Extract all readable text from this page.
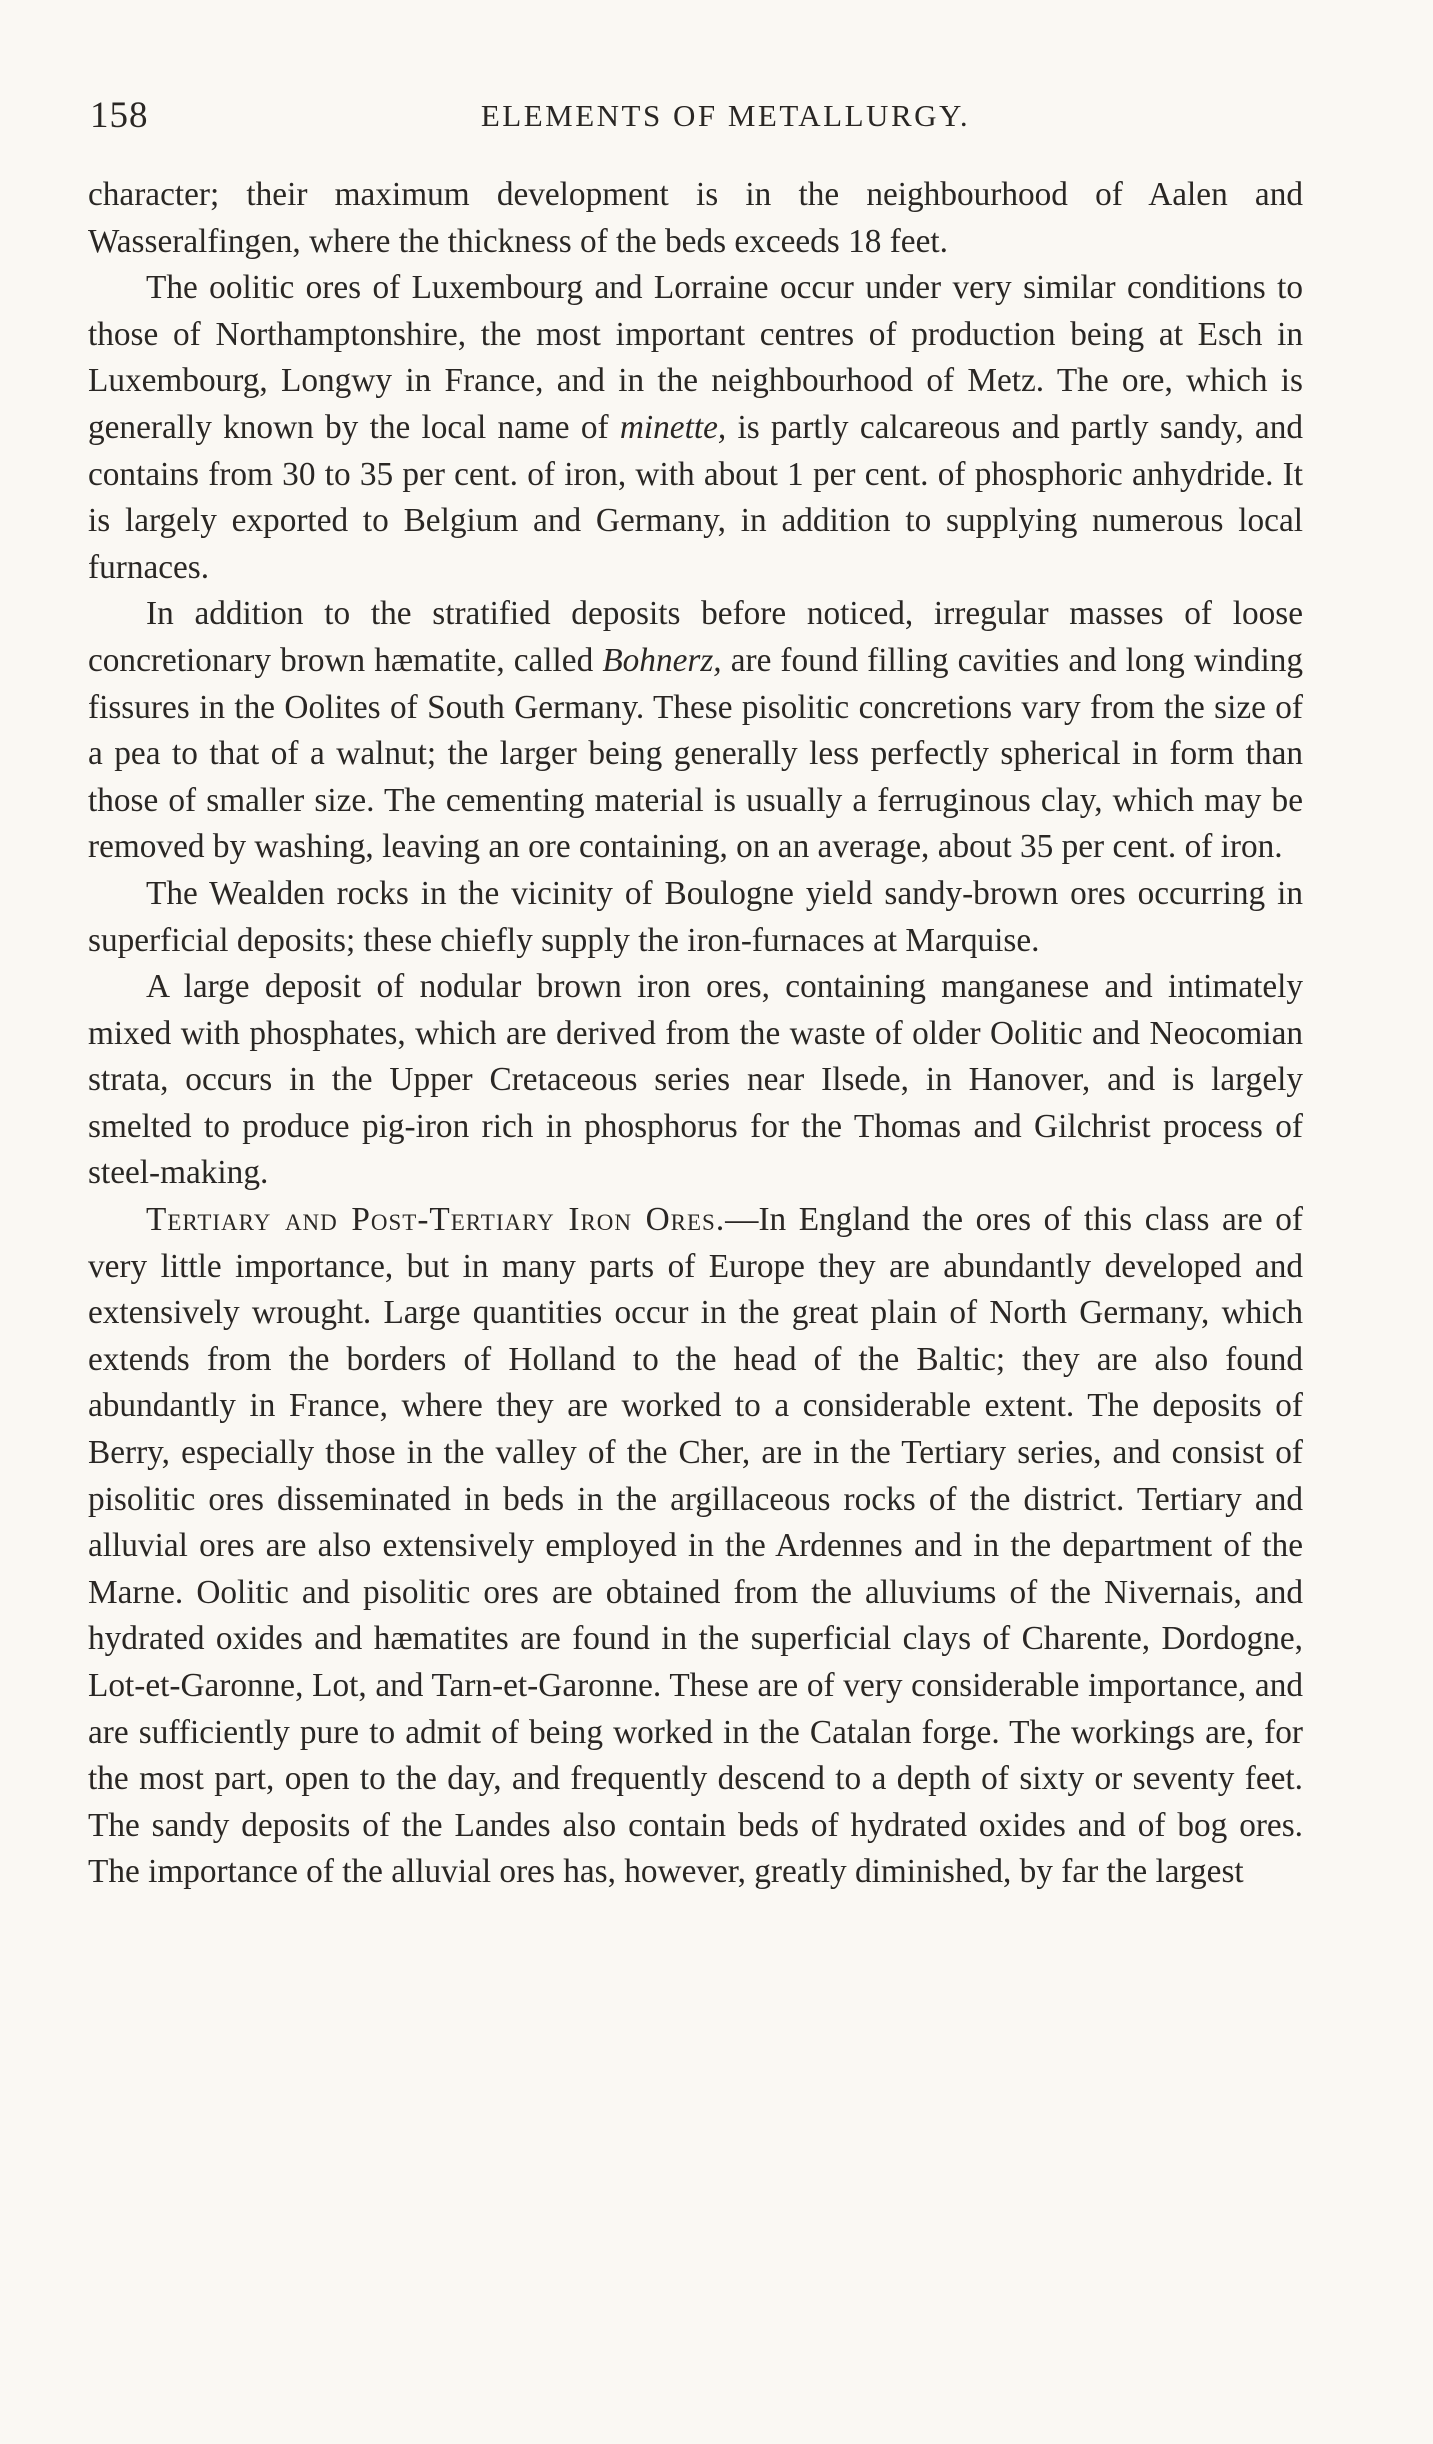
158	ELEMENTS OF METALLURGY.

character; their maximum development is in the neighbourhood of Aalen and Wasseralfingen, where the thickness of the beds exceeds 18 feet.

The oolitic ores of Luxembourg and Lorraine occur under very similar conditions to those of Northamptonshire, the most important centres of production being at Esch in Luxembourg, Longwy in France, and in the neighbourhood of Metz. The ore, which is generally known by the local name of minette, is partly calcareous and partly sandy, and contains from 30 to 35 per cent. of iron, with about 1 per cent. of phosphoric anhydride. It is largely exported to Belgium and Germany, in addition to supplying numerous local furnaces.

In addition to the stratified deposits before noticed, irregular masses of loose concretionary brown hæmatite, called Bohnerz, are found filling cavities and long winding fissures in the Oolites of South Germany. These pisolitic concretions vary from the size of a pea to that of a walnut; the larger being generally less perfectly spherical in form than those of smaller size. The cementing material is usually a ferruginous clay, which may be removed by washing, leaving an ore containing, on an average, about 35 per cent. of iron.

The Wealden rocks in the vicinity of Boulogne yield sandy-brown ores occurring in superficial deposits; these chiefly supply the iron-furnaces at Marquise.

A large deposit of nodular brown iron ores, containing manganese and intimately mixed with phosphates, which are derived from the waste of older Oolitic and Neocomian strata, occurs in the Upper Cretaceous series near Ilsede, in Hanover, and is largely smelted to produce pig-iron rich in phosphorus for the Thomas and Gilchrist process of steel-making.

Tertiary and Post-Tertiary Iron Ores.—In England the ores of this class are of very little importance, but in many parts of Europe they are abundantly developed and extensively wrought. Large quantities occur in the great plain of North Germany, which extends from the borders of Holland to the head of the Baltic; they are also found abundantly in France, where they are worked to a considerable extent. The deposits of Berry, especially those in the valley of the Cher, are in the Tertiary series, and consist of pisolitic ores disseminated in beds in the argillaceous rocks of the district. Tertiary and alluvial ores are also extensively employed in the Ardennes and in the department of the Marne. Oolitic and pisolitic ores are obtained from the alluviums of the Nivernais, and hydrated oxides and hæmatites are found in the superficial clays of Charente, Dordogne, Lot-et-Garonne, Lot, and Tarn-et-Garonne. These are of very considerable importance, and are sufficiently pure to admit of being worked in the Catalan forge. The workings are, for the most part, open to the day, and frequently descend to a depth of sixty or seventy feet. The sandy deposits of the Landes also contain beds of hydrated oxides and of bog ores. The importance of the alluvial ores has, however, greatly diminished, by far the largest
